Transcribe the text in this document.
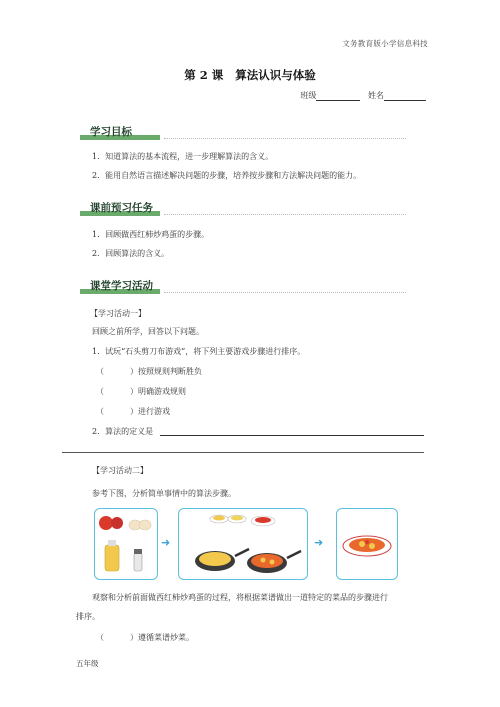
文务教育版小学信息科技
第 2 课 算法认识与体验
班级	姓名
学习目标
1．知道算法的基本流程，进一步理解算法的含义。
2．能用自然语言描述解决问题的步骤，培养按步骤和方法解决问题的能力。
课前预习任务
1．回顾做西红柿炒鸡蛋的步骤。
2．回顾算法的含义。
课堂学习活动
【学习活动一】
回顾之前所学，回答以下问题。
1．试玩“石头剪刀布游戏”，将下列主要游戏步骤进行排序。
（	）按照规则判断胜负
（	）明确游戏规则
（	）进行游戏
2．算法的定义是
【学习活动二】
参考下图，分析简单事情中的算法步骤。
➜	➜
观察和分析前面做西红柿炒鸡蛋的过程，将根据菜谱做出一道特定的菜品的步骤进行
排序。
（	）遵循菜谱炒菜。
五年级
